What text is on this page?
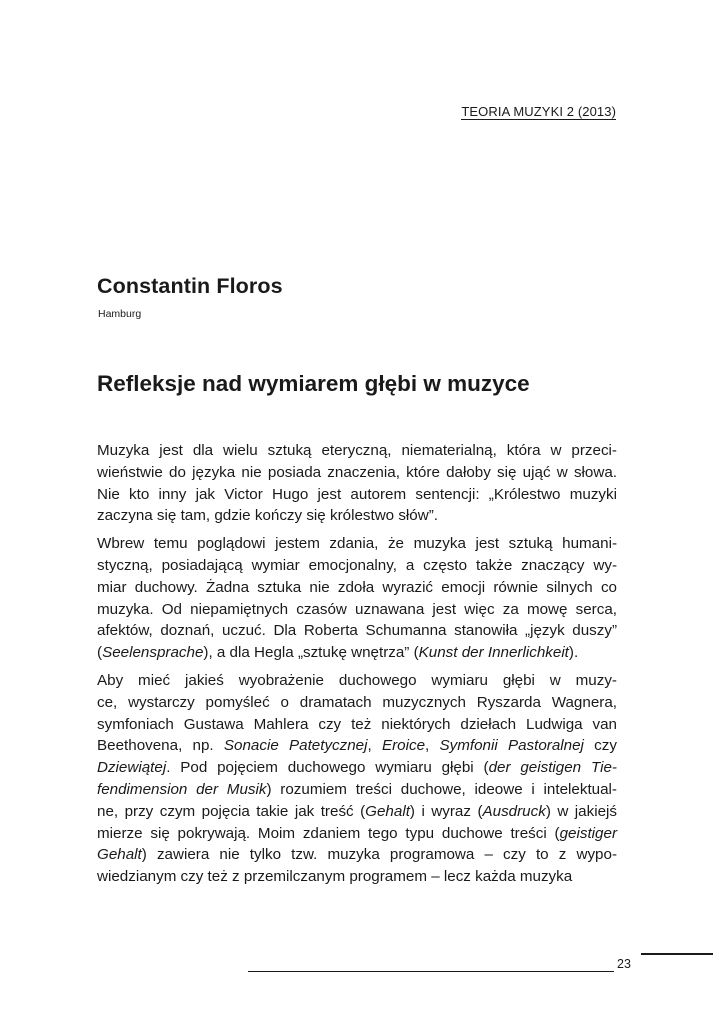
TEORIA MUZYKI 2 (2013)
Constantin Floros
Hamburg
Refleksje nad wymiarem głębi w muzyce
Muzyka jest dla wielu sztuką eteryczną, niematerialną, która w przeci-
wieństwie do języka nie posiada znaczenia, które dałoby się ująć w słowa.
Nie kto inny jak Victor Hugo jest autorem sentencji: „Królestwo muzyki
zaczyna się tam, gdzie kończy się królestwo słów”.
Wbrew temu poglądowi jestem zdania, że muzyka jest sztuką humani-
styczną, posiadającą wymiar emocjonalny, a często także znaczący wy-
miar duchowy. Żadna sztuka nie zdoła wyrazić emocji równie silnych co
muzyka. Od niepamiętnych czasów uznawana jest więc za mowę serca,
afektów, doznań, uczuć. Dla Roberta Schumanna stanowiła „język duszy”
(Seelensprache), a dla Hegla „sztukę wnętrza” (Kunst der Innerlichkeit).
Aby mieć jakieś wyobrażenie duchowego wymiaru głębi w muzy-
ce, wystarczy pomyśleć o dramatach muzycznych Ryszarda Wagnera,
symfoniach Gustawa Mahlera czy też niektórych dziełach Ludwiga van
Beethovena, np. Sonacie Patetycznej, Eroice, Symfonii Pastoralnej czy
Dziewiątej. Pod pojęciem duchowego wymiaru głębi (der geistigen Tie-
fendimension der Musik) rozumiem treści duchowe, ideowe i intelektual-
ne, przy czym pojęcia takie jak treść (Gehalt) i wyraz (Ausdruck) w jakiejś
mierze się pokrywają. Moim zdaniem tego typu duchowe treści (geistiger
Gehalt) zawiera nie tylko tzw. muzyka programowa – czy to z wypo-
wiedzianym czy też z przemilczanym programem – lecz każda muzyka
23
